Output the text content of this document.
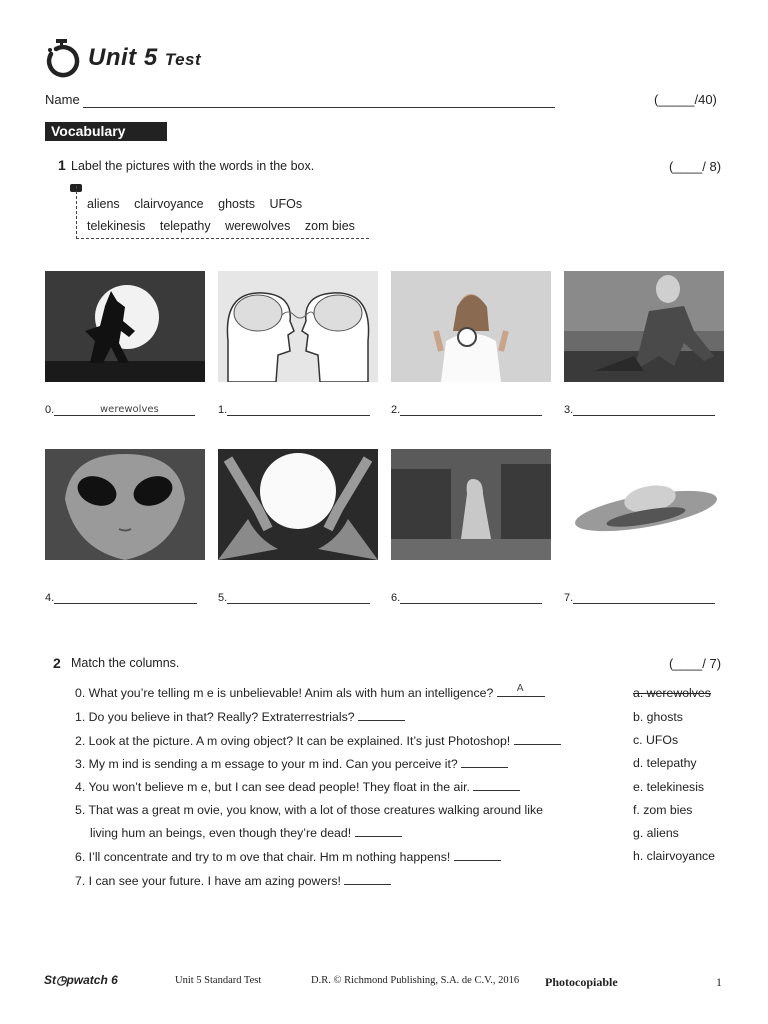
Unit 5 Test
Name	(_____/40)
Vocabulary
1 Label the pictures with the words in the box.	(____/ 8)
aliens clairvoyance ghosts UFOs
telekinesis telepathy werewolves zom bies
0.	werewolves	1.	2.	3.
4.	5.	6.	7.
2 Match the columns.	(____/ 7)
0. What you’re telling m e is unbelievable! Anim als with hum an intelligence? A
1. Do you believe in that? Really? Extraterrestrials?
2. Look at the picture. A m oving object? It can be explained. It’s just Photoshop!
3. My m ind is sending a m essage to your m ind. Can you perceive it?
4. You won’t believe m e, but I can see dead people! They float in the air.
5. That was a great m ovie, you know, with a lot of those creatures walking around like
living hum an beings, even though they’re dead!
6. I’ll concentrate and try to m ove that chair. Hm m nothing happens!
7. I can see your future. I have am azing powers!
a. werewolves
b. ghosts
c. UFOs
d. telepathy
e. telekinesis
f. zom bies
g. aliens
h. clairvoyance
St◷pwatch 6	Unit 5 Standard Test	D.R. © Richmond Publishing, S.A. de C.V., 2016 Photocopiable	1
